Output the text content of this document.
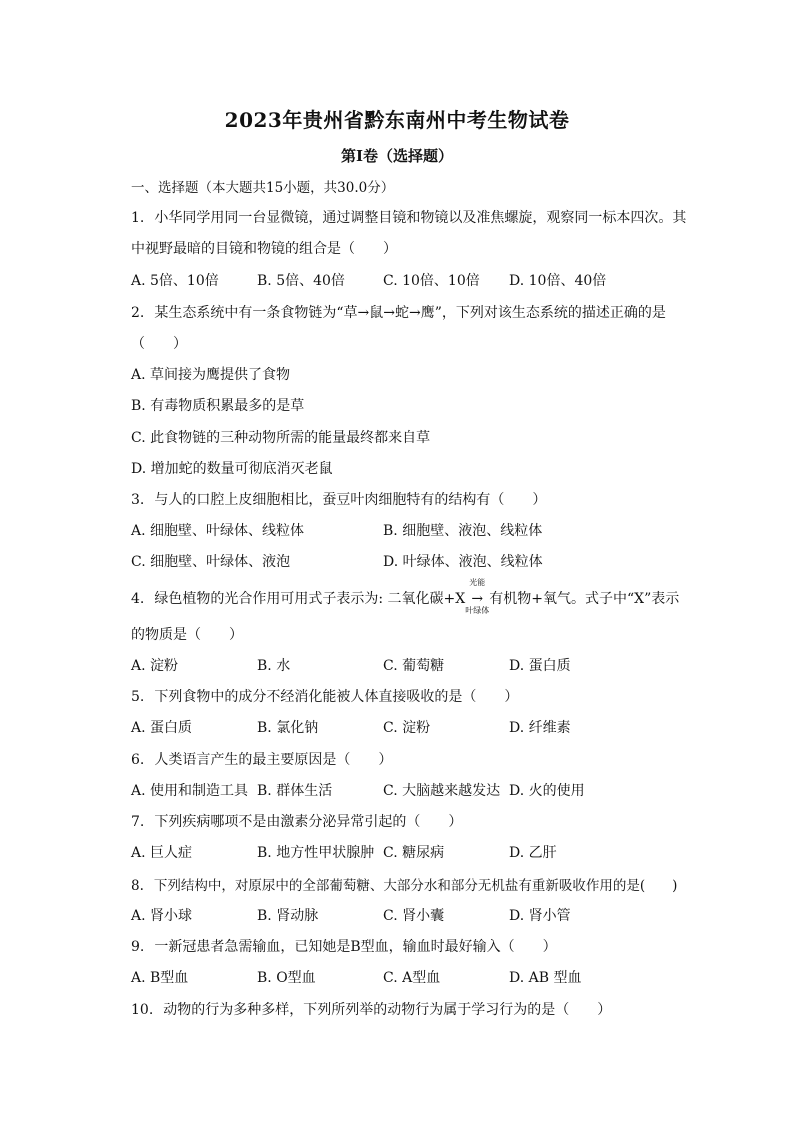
2023年贵州省黔东南州中考生物试卷
第I卷（选择题）
一、选择题（本大题共15小题，共30.0分）
1. 小华同学用同一台显微镜，通过调整目镜和物镜以及准焦螺旋，观察同一标本四次。其
中视野最暗的目镜和物镜的组合是（　　）
A. 5倍、10倍	B. 5倍、40倍	C. 10倍、10倍 D. 10倍、40倍
2. 某生态系统中有一条食物链为“草→鼠→蛇→鹰”，下列对该生态系统的描述正确的是
（　　）
A. 草间接为鹰提供了食物
B. 有毒物质积累最多的是草
C. 此食物链的三种动物所需的能量最终都来自草
D. 增加蛇的数量可彻底消灭老鼠
3. 与人的口腔上皮细胞相比，蚕豆叶肉细胞特有的结构有（　　）
A. 细胞壁、叶绿体、线粒体	B. 细胞壁、液泡、线粒体
C. 细胞壁、叶绿体、液泡	D. 叶绿体、液泡、线粒体
4. 绿色植物的光合作用可用式子表示为: 二氧化碳+X
光能
→
叶绿体
有机物+氧气。式子中“X”表示
的物质是（　　）
A. 淀粉	B. 水	C. 葡萄糖	D. 蛋白质
5. 下列食物中的成分不经消化能被人体直接吸收的是（　　）
A. 蛋白质	B. 氯化钠	C. 淀粉	D. 纤维素
6. 人类语言产生的最主要原因是（　　）
A. 使用和制造工具 B. 群体生活	C. 大脑越来越发达 D. 火的使用
7. 下列疾病哪项不是由激素分泌异常引起的（　　）
A. 巨人症	B. 地方性甲状腺肿 C. 糖尿病	D. 乙肝
8. 下列结构中，对原尿中的全部葡萄糖、大部分水和部分无机盐有重新吸收作用的是(　　)
A. 肾小球	B. 肾动脉	C. 肾小囊	D. 肾小管
9. 一新冠患者急需输血，已知她是B型血，输血时最好输入（　　）
A. B型血	B. O型血	C. A型血	D. AB 型血
10. 动物的行为多种多样，下列所列举的动物行为属于学习行为的是（　　）
